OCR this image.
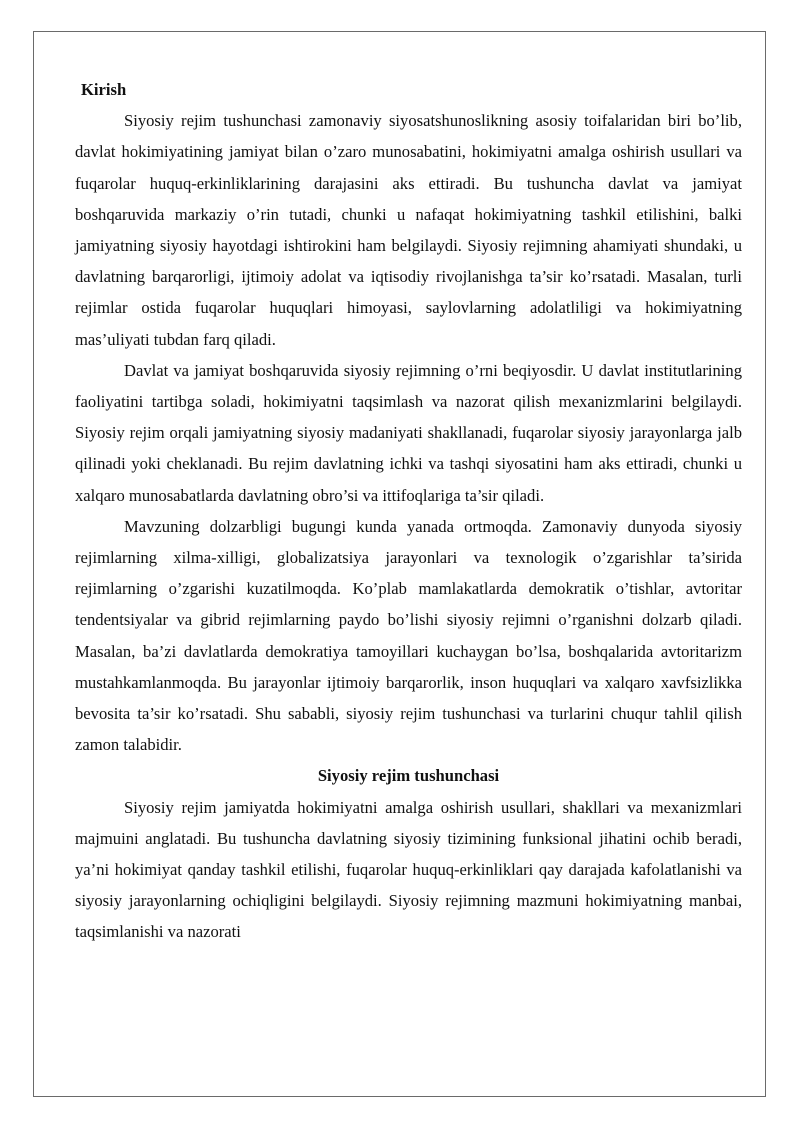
Kirish

Siyosiy rejim tushunchasi zamonaviy siyosatshunoslikning asosiy toifalaridan biri bo’lib, davlat hokimiyatining jamiyat bilan o’zaro munosabatini, hokimiyatni amalga oshirish usullari va fuqarolar huquq-erkinliklarining darajasini aks ettiradi. Bu tushuncha davlat va jamiyat boshqaruvida markaziy o’rin tutadi, chunki u nafaqat hokimiyatning tashkil etilishini, balki jamiyatning siyosiy hayotdagi ishtirokini ham belgilaydi. Siyosiy rejimning ahamiyati shundaki, u davlatning barqarorligi, ijtimoiy adolat va iqtisodiy rivojlanishga ta’sir ko’rsatadi. Masalan, turli rejimlar ostida fuqarolar huquqlari himoyasi, saylovlarning adolatliligi va hokimiyatning mas’uliyati tubdan farq qiladi.

Davlat va jamiyat boshqaruvida siyosiy rejimning o’rni beqiyosdir. U davlat institutlarining faoliyatini tartibga soladi, hokimiyatni taqsimlash va nazorat qilish mexanizmlarini belgilaydi. Siyosiy rejim orqali jamiyatning siyosiy madaniyati shakllanadi, fuqarolar siyosiy jarayonlarga jalb qilinadi yoki cheklanadi. Bu rejim davlatning ichki va tashqi siyosatini ham aks ettiradi, chunki u xalqaro munosabatlarda davlatning obro’si va ittifoqlariga ta’sir qiladi.

Mavzuning dolzarbligi bugungi kunda yanada ortmoqda. Zamonaviy dunyoda siyosiy rejimlarning xilma-xilligi, globalizatsiya jarayonlari va texnologik o’zgarishlar ta’sirida rejimlarning o’zgarishi kuzatilmoqda. Ko’plab mamlakatlarda demokratik o’tishlar, avtoritar tendentsiyalar va gibrid rejimlarning paydo bo’lishi siyosiy rejimni o’rganishni dolzarb qiladi. Masalan, ba’zi davlatlarda demokratiya tamoyillari kuchaygan bo’lsa, boshqalarida avtoritarizm mustahkamlanmoqda. Bu jarayonlar ijtimoiy barqarorlik, inson huquqlari va xalqaro xavfsizlikka bevosita ta’sir ko’rsatadi. Shu sababli, siyosiy rejim tushunchasi va turlarini chuqur tahlil qilish zamon talabidir.

Siyosiy rejim tushunchasi

Siyosiy rejim jamiyatda hokimiyatni amalga oshirish usullari, shakllari va mexanizmlari majmuini anglatadi. Bu tushuncha davlatning siyosiy tizimining funksional jihatini ochib beradi, ya’ni hokimiyat qanday tashkil etilishi, fuqarolar huquq-erkinliklari qay darajada kafolatlanishi va siyosiy jarayonlarning ochiqligini belgilaydi. Siyosiy rejimning mazmuni hokimiyatning manbai, taqsimlanishi va nazorati
